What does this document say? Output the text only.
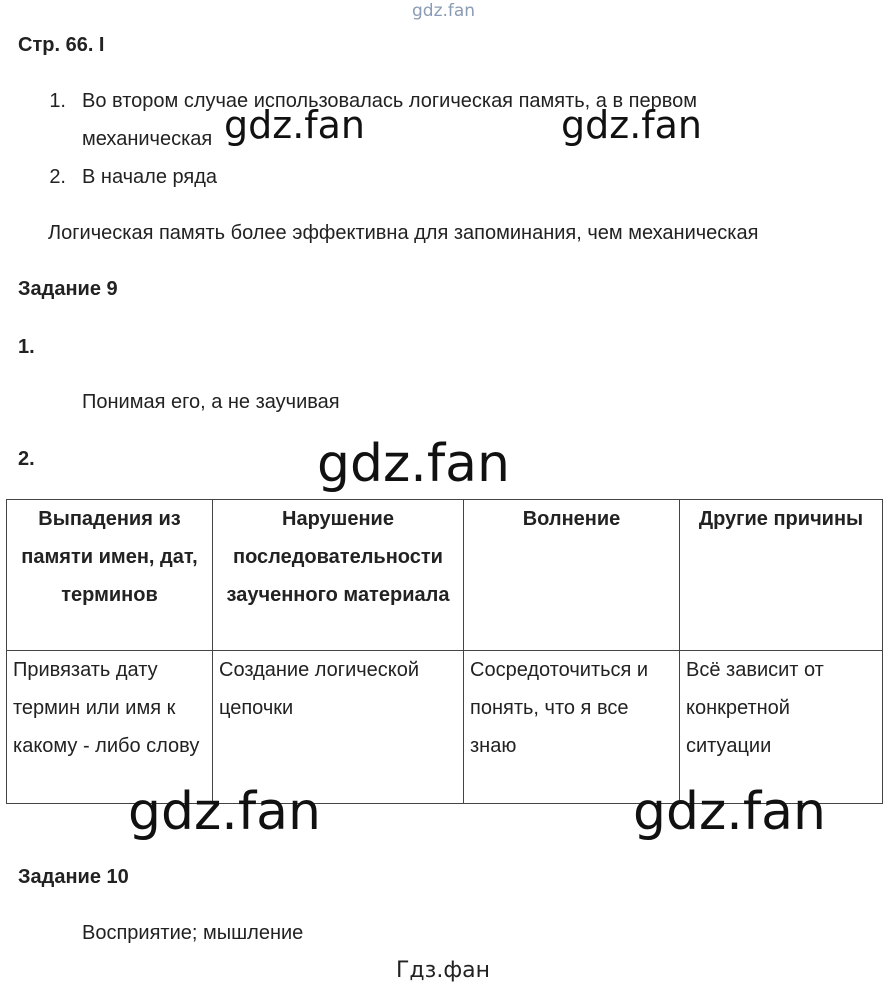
gdz.fan
Стр. 66. I
1. Во втором случае использовалась логическая память, а в первом
механическая
2. В начале ряда
Логическая память более эффективна для запоминания, чем механическая
Задание 9
1.
Понимая его, а не заучивая
2.
Выпадения из памяти имен, дат, терминов	Нарушение последовательности заученного материала	Волнение	Другие причины
Привязать дату термин или имя к какому - либо слову	Создание логической цепочки	Сосредоточиться и понять, что я все знаю	Всё зависит от конкретной ситуации
Задание 10
Восприятие; мышление
gdz.fan	gdz.fan
gdz.fan
gdz.fan	gdz.fan
Гдз.фан
